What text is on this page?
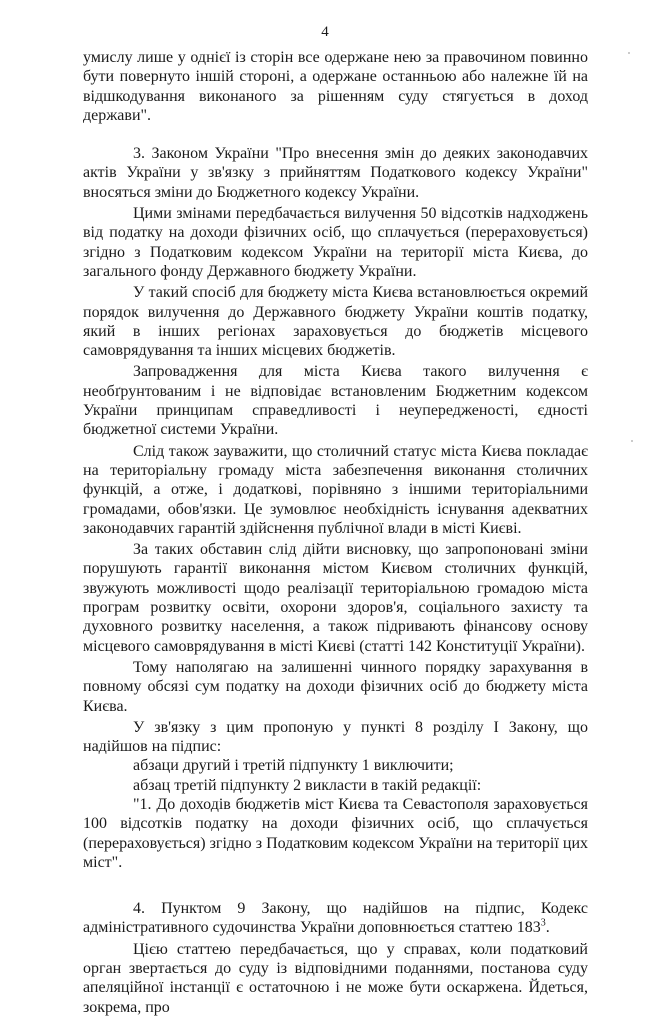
4

умислу лише у однієї із сторін все одержане нею за правочином повинно бути повернуто іншій стороні, а одержане останньою або належне їй на відшкодування виконаного за рішенням суду стягується в доход держави".

3. Законом України "Про внесення змін до деяких законодавчих актів України у зв'язку з прийняттям Податкового кодексу України" вносяться зміни до Бюджетного кодексу України.

Цими змінами передбачається вилучення 50 відсотків надходжень від податку на доходи фізичних осіб, що сплачується (перераховується) згідно з Податковим кодексом України на території міста Києва, до загального фонду Державного бюджету України.

У такий спосіб для бюджету міста Києва встановлюється окремий порядок вилучення до Державного бюджету України коштів податку, який в інших регіонах зараховується до бюджетів місцевого самоврядування та інших місцевих бюджетів.

Запровадження для міста Києва такого вилучення є необґрунтованим і не відповідає встановленим Бюджетним кодексом України принципам справедливості і неупередженості, єдності бюджетної системи України.

Слід також зауважити, що столичний статус міста Києва покладає на територіальну громаду міста забезпечення виконання столичних функцій, а отже, і додаткові, порівняно з іншими територіальними громадами, обов'язки. Це зумовлює необхідність існування адекватних законодавчих гарантій здійснення публічної влади в місті Києві.

За таких обставин слід дійти висновку, що запропоновані зміни порушують гарантії виконання містом Києвом столичних функцій, звужують можливості щодо реалізації територіальною громадою міста програм розвитку освіти, охорони здоров'я, соціального захисту та духовного розвитку населення, а також підривають фінансову основу місцевого самоврядування в місті Києві (статті 142 Конституції України).

Тому наполягаю на залишенні чинного порядку зарахування в повному обсязі сум податку на доходи фізичних осіб до бюджету міста Києва.

У зв'язку з цим пропоную у пункті 8 розділу І Закону, що надійшов на підпис:

абзаци другий і третій підпункту 1 виключити;

абзац третій підпункту 2 викласти в такій редакції:

"1. До доходів бюджетів міст Києва та Севастополя зараховується 100 відсотків податку на доходи фізичних осіб, що сплачується (перераховується) згідно з Податковим кодексом України на території цих міст".

4. Пунктом 9 Закону, що надійшов на підпис, Кодекс адміністративного судочинства України доповнюється статтею $183^3$.

Цією статтею передбачається, що у справах, коли податковий орган звертається до суду із відповідними поданнями, постанова суду апеляційної інстанції є остаточною і не може бути оскаржена. Йдеться, зокрема, про
